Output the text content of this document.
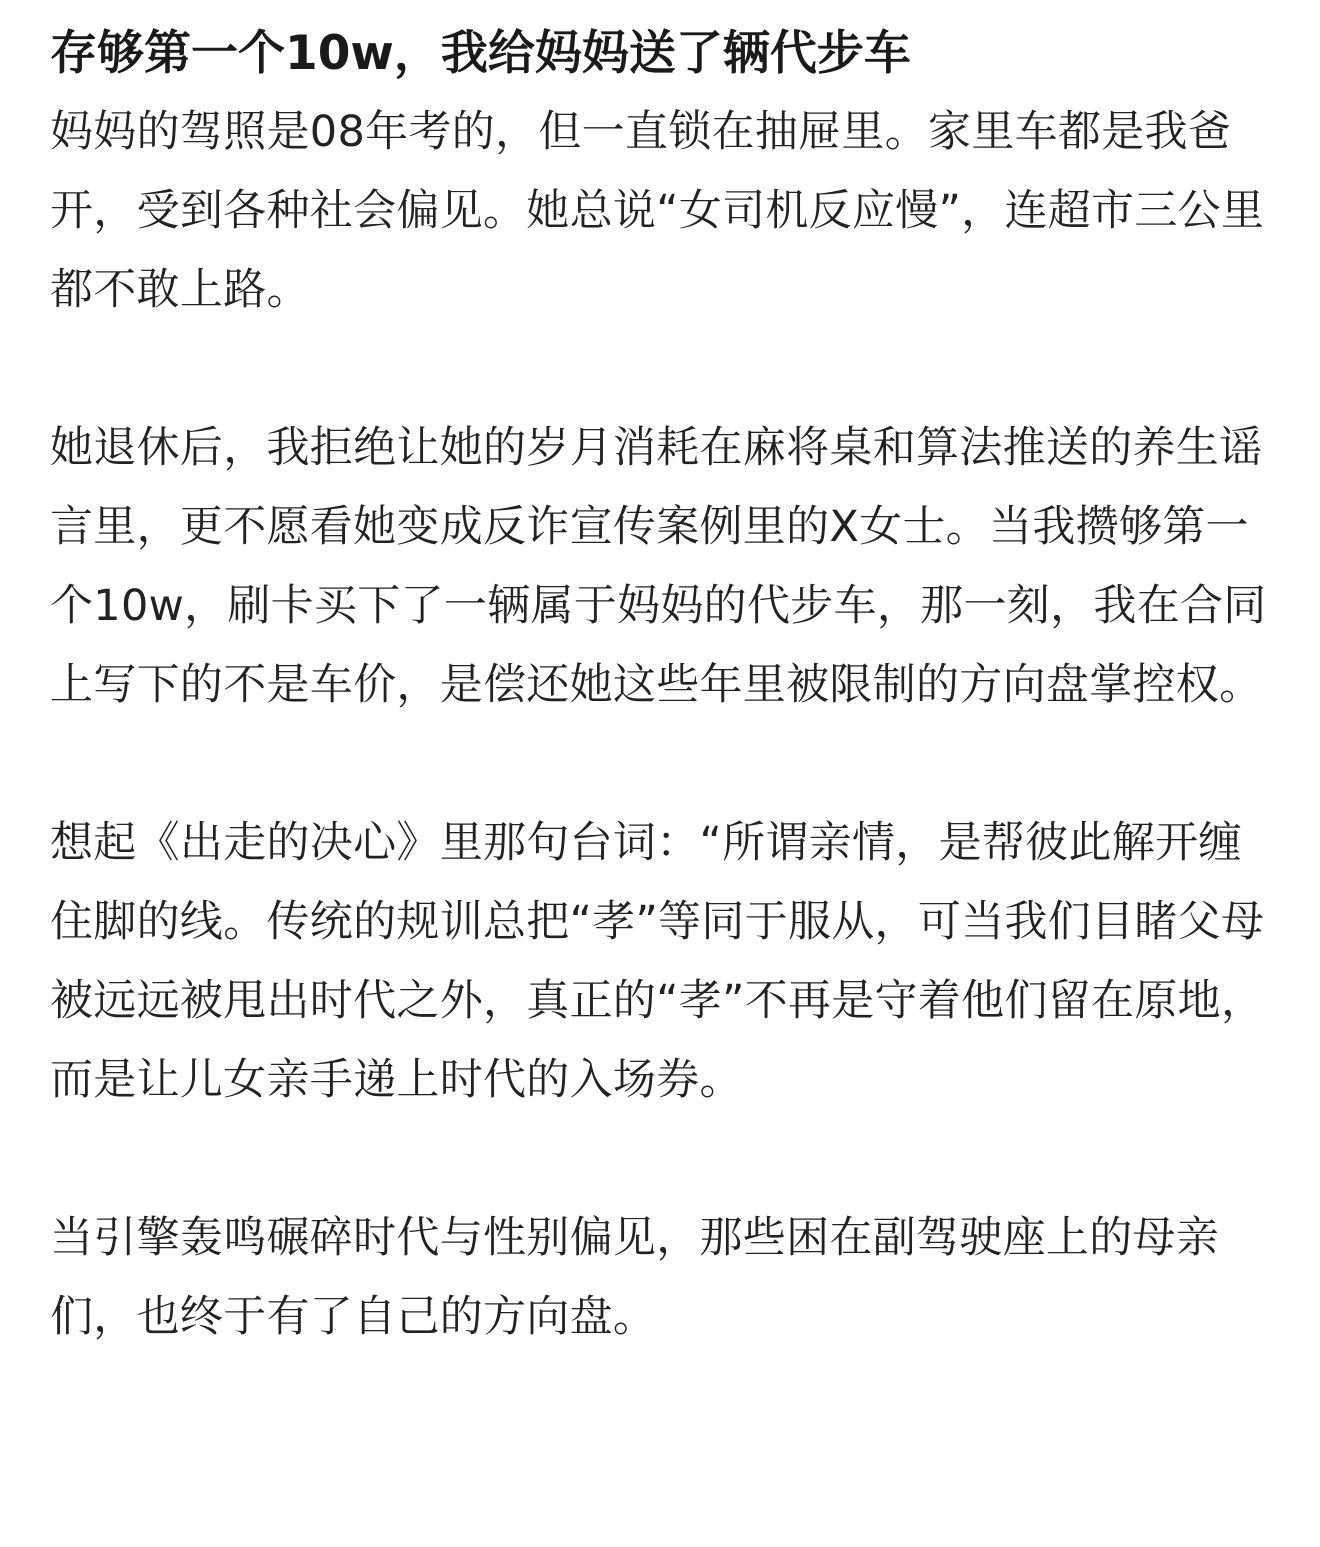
存够第一个10w，我给妈妈送了辆代步车

妈妈的驾照是08年考的，但一直锁在抽屉里。家里车都是我爸开，受到各种社会偏见。她总说“女司机反应慢”，连超市三公里都不敢上路。

她退休后，我拒绝让她的岁月消耗在麻将桌和算法推送的养生谣言里，更不愿看她变成反诈宣传案例里的X女士。当我攒够第一个10w，刷卡买下了一辆属于妈妈的代步车，那一刻，我在合同上写下的不是车价，是偿还她这些年里被限制的方向盘掌控权。

想起《出走的决心》里那句台词：“所谓亲情，是帮彼此解开缠住脚的线。传统的规训总把“孝”等同于服从，可当我们目睹父母被远远被甩出时代之外，真正的“孝”不再是守着他们留在原地，而是让儿女亲手递上时代的入场券。

当引擎轰鸣碾碎时代与性别偏见，那些困在副驾驶座上的母亲们，也终于有了自己的方向盘。
